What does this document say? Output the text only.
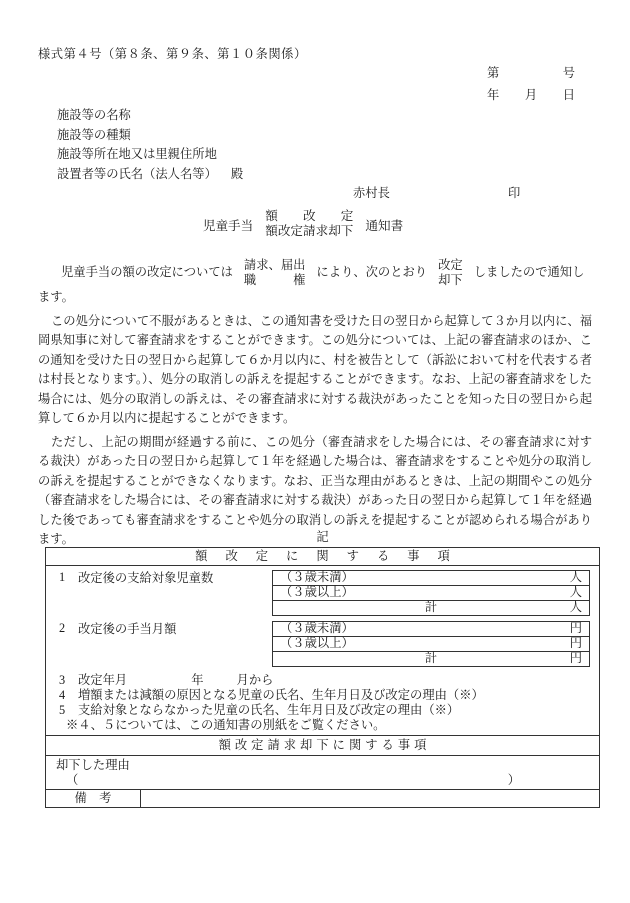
様式第４号（第８条、第９条、第１０条関係）
第	号
年 月 日
施設等の名称
施設等の種類
施設等所在地又は里親住所地
設置者等の氏名（法人名等） 殿
赤村長	印
児童手当
額 改 定
額改定請求却下 通知書
児童手当の額の改定については 請求、届出
職	権
により、次のとおり 改定
却下
しましたので通知します。

この処分について不服があるときは、この通知書を受けた日の翌日から起算して３か月以内に、福岡県知事に対して審査請求をすることができます。この処分については、上記の審査請求のほか、この通知を受けた日の翌日から起算して６か月以内に、村を被告として（訴訟において村を代表する者は村長となります。）、処分の取消しの訴えを提起することができます。なお、上記の審査請求をした場合には、処分の取消しの訴えは、その審査請求に対する裁決があったことを知った日の翌日から起算して６か月以内に提起することができます。

ただし、上記の期間が経過する前に、この処分（審査請求をした場合には、その審査請求に対する裁決）があった日の翌日から起算して１年を経過した場合は、審査請求をすることや処分の取消しの訴えを提起することができなくなります。なお、正当な理由があるときは、上記の期間やこの処分（審査請求をした場合には、その審査請求に対する裁決）があった日の翌日から起算して１年を経過した後であっても審査請求をすることや処分の取消しの訴えを提起することが認められる場合があります。	記
額改定に関する事項
1	改定後の支給対象児童数	（３歳未満）	人
（３歳以上）	人
計	人
2	改定後の手当月額	（３歳未満）	円
（３歳以上）	円
計	円
3 改定年月	年	月から
4 増額または減額の原因となる児童の氏名、生年月日及び改定の理由（※）
5 支給対象とならなかった児童の氏名、生年月日及び改定の理由（※）
※４、５については、この通知書の別紙をご覧ください。
額改定請求却下に関する事項
却下した理由
（	）
備　考
